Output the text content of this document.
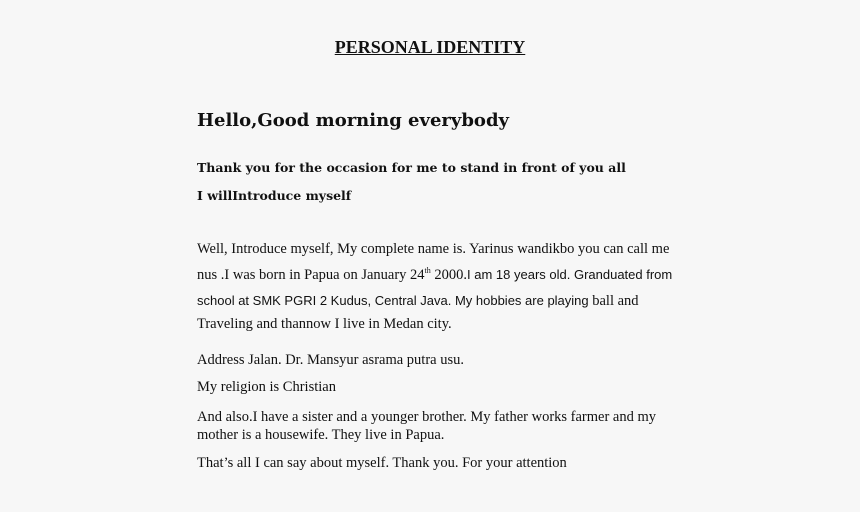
PERSONAL IDENTITY
Hello,Good morning everybody
Thank you for the occasion for me to stand in front of you all
I willIntroduce myself
Well, Introduce myself, My complete name is. Yarinus wandikbo you can call me
nus .I was born in Papua on January 24th 2000.I am 18 years old. Granduated from
school at SMK PGRI 2 Kudus, Central Java. My hobbies are playing ball and
Traveling and thannow I live in Medan city.
Address Jalan. Dr. Mansyur asrama putra usu.
My religion is Christian
And also.I have a sister and a younger brother. My father works farmer and my
mother is a housewife. They live in Papua.
That’s all I can say about myself. Thank you. For your attention
